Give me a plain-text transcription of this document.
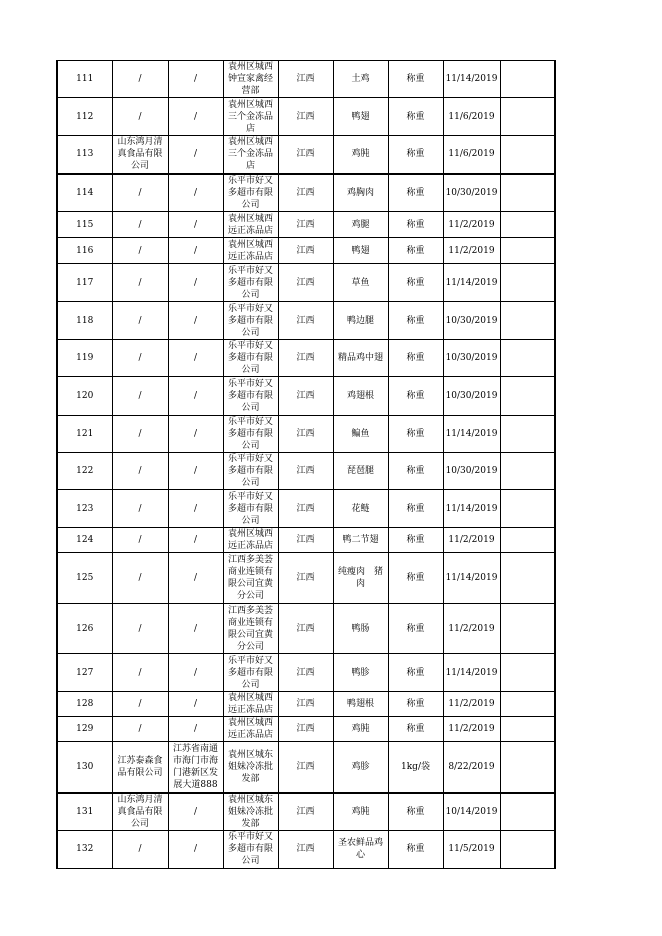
111	/	/	袁州区城西钟宣家禽经营部	江西	土鸡	称重	11/14/2019	
112	/	/	袁州区城西三个金冻品店	江西	鸭翅	称重	11/6/2019	
113	山东鸿月清真食品有限公司	/	袁州区城西三个金冻品店	江西	鸡肫	称重	11/6/2019	
114	/	/	乐平市好又多超市有限公司	江西	鸡胸肉	称重	10/30/2019	
115	/	/	袁州区城西远正冻品店	江西	鸡腿	称重	11/2/2019	
116	/	/	袁州区城西远正冻品店	江西	鸭翅	称重	11/2/2019	
117	/	/	乐平市好又多超市有限公司	江西	草鱼	称重	11/14/2019	
118	/	/	乐平市好又多超市有限公司	江西	鸭边腿	称重	10/30/2019	
119	/	/	乐平市好又多超市有限公司	江西	精品鸡中翅	称重	10/30/2019	
120	/	/	乐平市好又多超市有限公司	江西	鸡翅根	称重	10/30/2019	
121	/	/	乐平市好又多超市有限公司	江西	鳊鱼	称重	11/14/2019	
122	/	/	乐平市好又多超市有限公司	江西	琵琶腿	称重	10/30/2019	
123	/	/	乐平市好又多超市有限公司	江西	花鲢	称重	11/14/2019	
124	/	/	袁州区城西远正冻品店	江西	鸭二节翅	称重	11/2/2019	
125	/	/	江西多美荟商业连锁有限公司宜黄分公司	江西	纯瘦肉　猪肉	称重	11/14/2019	
126	/	/	江西多美荟商业连锁有限公司宜黄分公司	江西	鸭肠	称重	11/2/2019	
127	/	/	乐平市好又多超市有限公司	江西	鸭胗	称重	11/14/2019	
128	/	/	袁州区城西远正冻品店	江西	鸭翅根	称重	11/2/2019	
129	/	/	袁州区城西远正冻品店	江西	鸡肫	称重	11/2/2019	
130	江苏泰森食品有限公司	江苏省南通市海门市海门港新区发展大道888	袁州区城东姐妹冷冻批发部	江西	鸡胗	1kg/袋	8/22/2019	
131	山东鸿月清真食品有限公司	/	袁州区城东姐妹冷冻批发部	江西	鸡肫	称重	10/14/2019	
132	/	/	乐平市好又多超市有限公司	江西	圣农鲜品鸡心	称重	11/5/2019	
